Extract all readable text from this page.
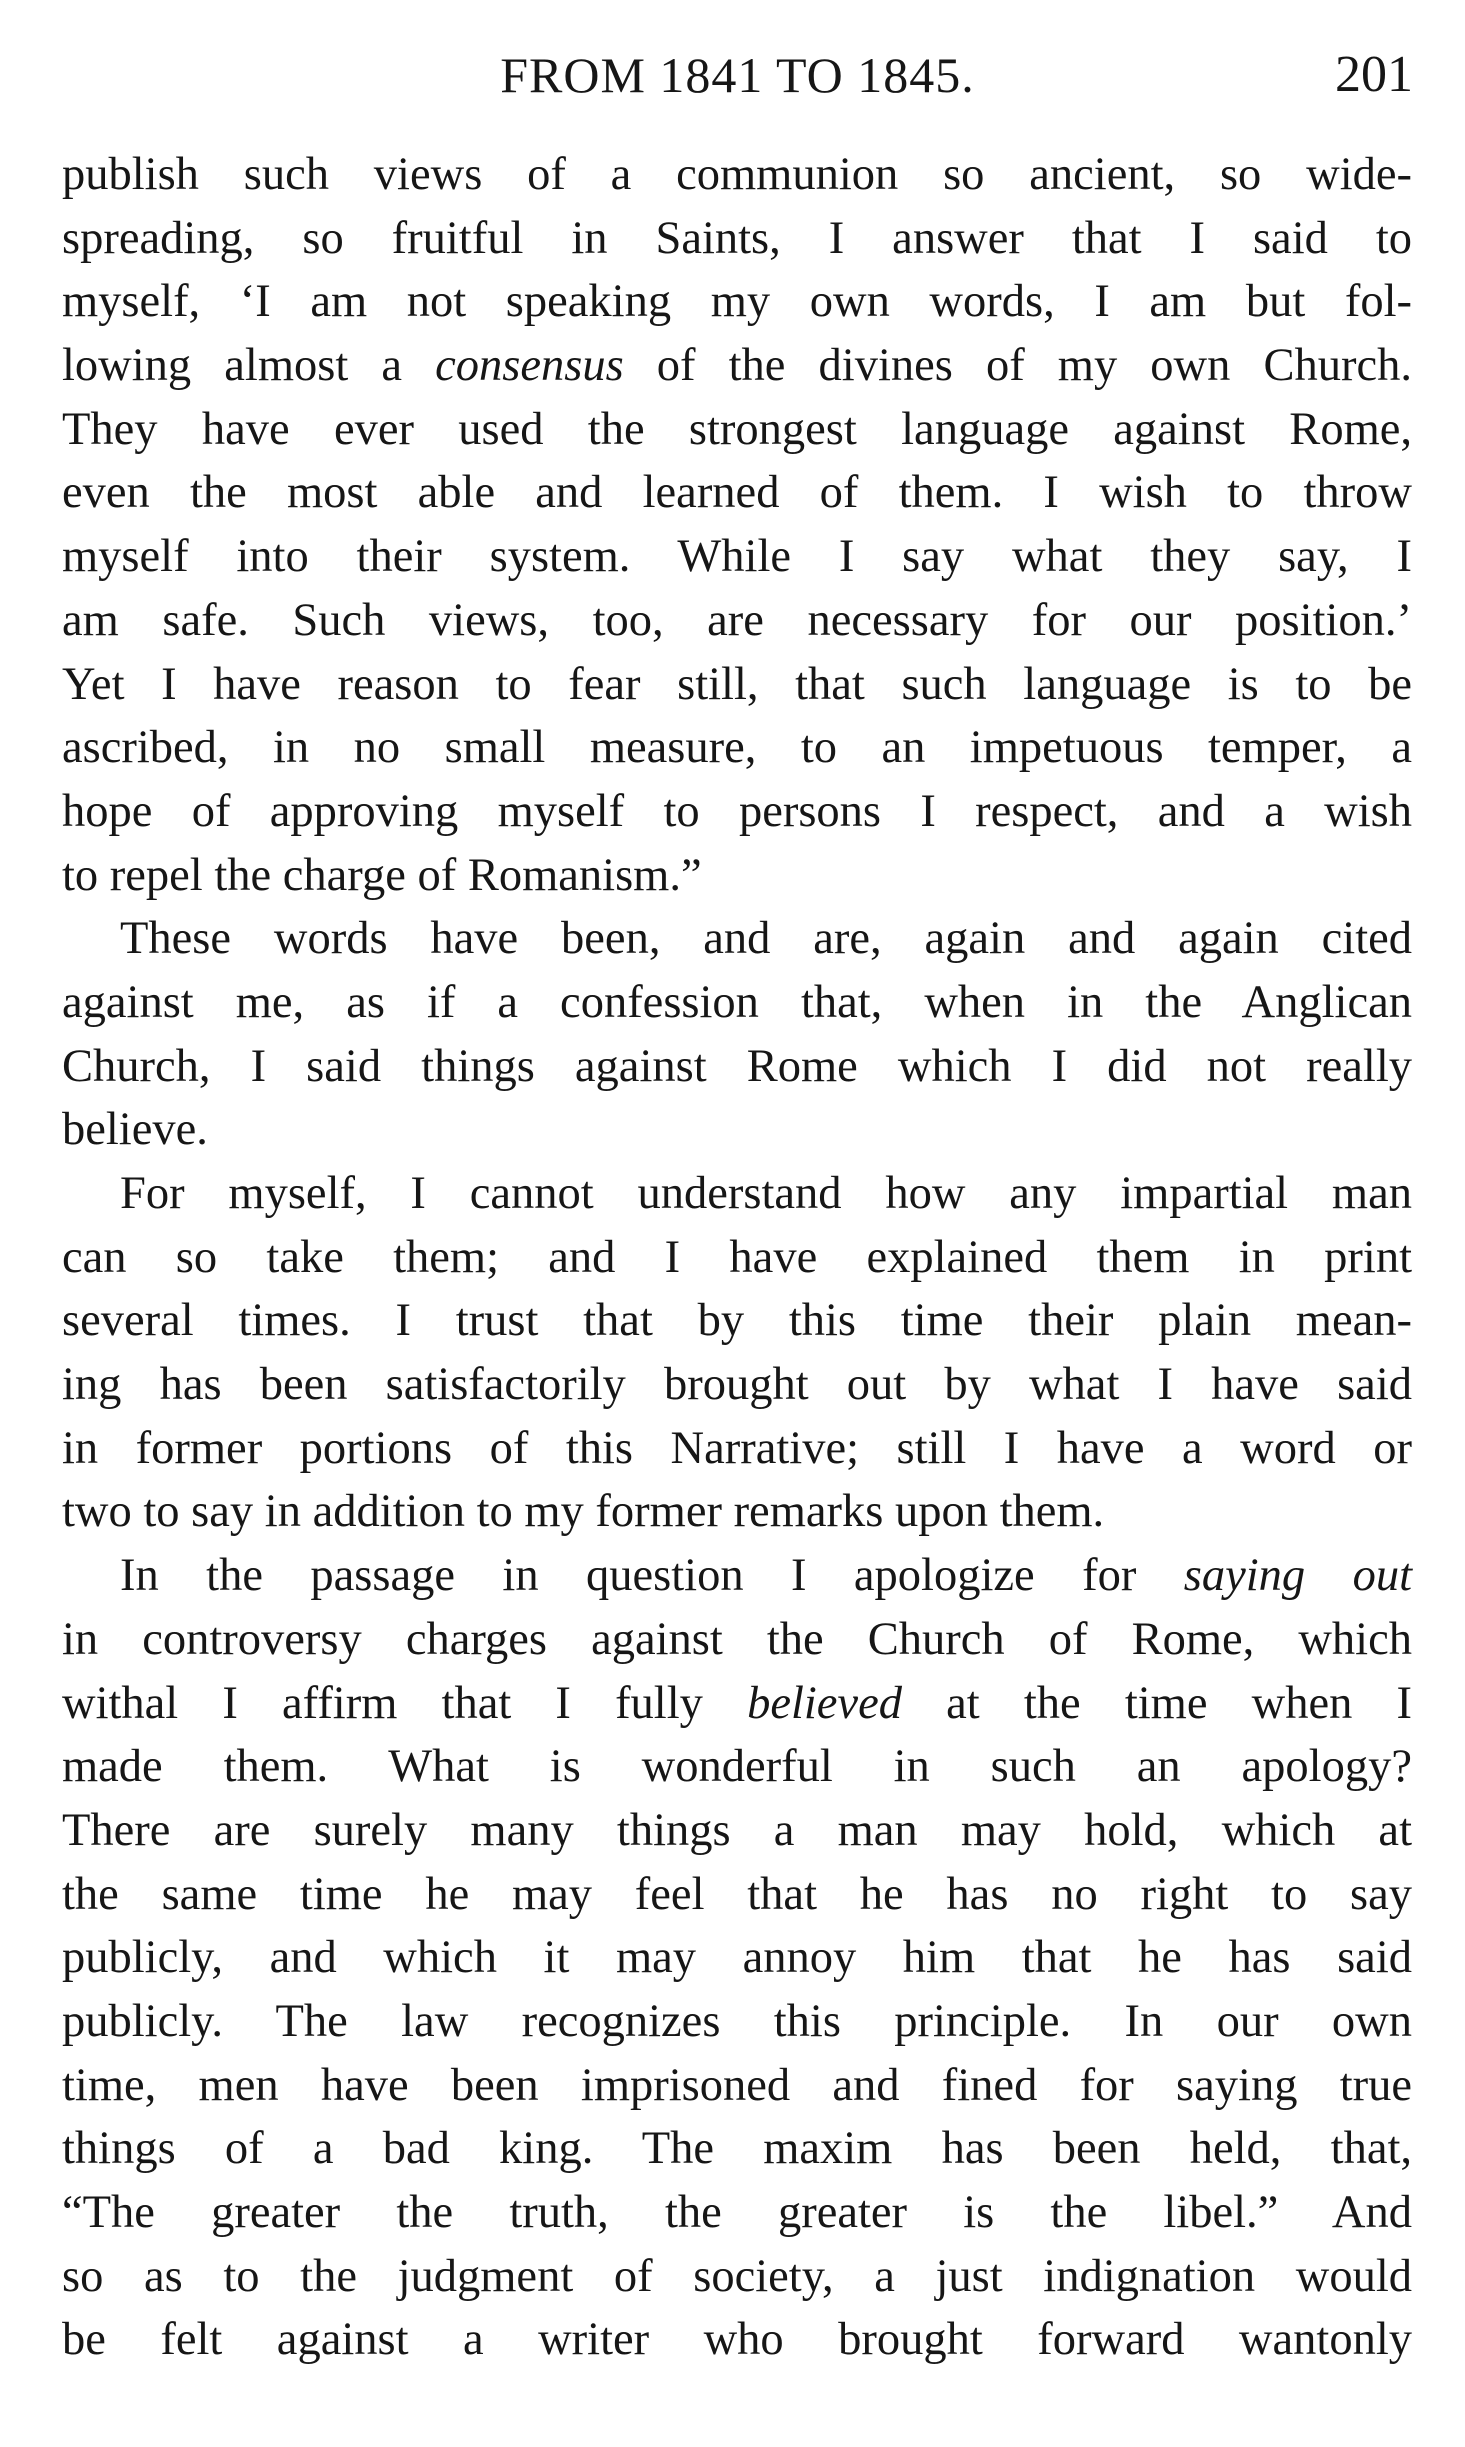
FROM 1841 TO 1845.	201
publish such views of a communion so ancient, so wide-
spreading, so fruitful in Saints, I answer that I said to
myself, ‘I am not speaking my own words, I am but fol-
lowing almost a consensus of the divines of my own Church.
They have ever used the strongest language against Rome,
even the most able and learned of them. I wish to throw
myself into their system. While I say what they say, I
am safe. Such views, too, are necessary for our position.’
Yet I have reason to fear still, that such language is to be
ascribed, in no small measure, to an impetuous temper, a
hope of approving myself to persons I respect, and a wish
to repel the charge of Romanism.”
These words have been, and are, again and again cited
against me, as if a confession that, when in the Anglican
Church, I said things against Rome which I did not really
believe.
For myself, I cannot understand how any impartial man
can so take them; and I have explained them in print
several times. I trust that by this time their plain mean-
ing has been satisfactorily brought out by what I have said
in former portions of this Narrative; still I have a word or
two to say in addition to my former remarks upon them.
In the passage in question I apologize for saying out
in controversy charges against the Church of Rome, which
withal I affirm that I fully believed at the time when I
made them. What is wonderful in such an apology?
There are surely many things a man may hold, which at
the same time he may feel that he has no right to say
publicly, and which it may annoy him that he has said
publicly. The law recognizes this principle. In our own
time, men have been imprisoned and fined for saying true
things of a bad king. The maxim has been held, that,
“The greater the truth, the greater is the libel.” And
so as to the judgment of society, a just indignation would
be felt against a writer who brought forward wantonly
